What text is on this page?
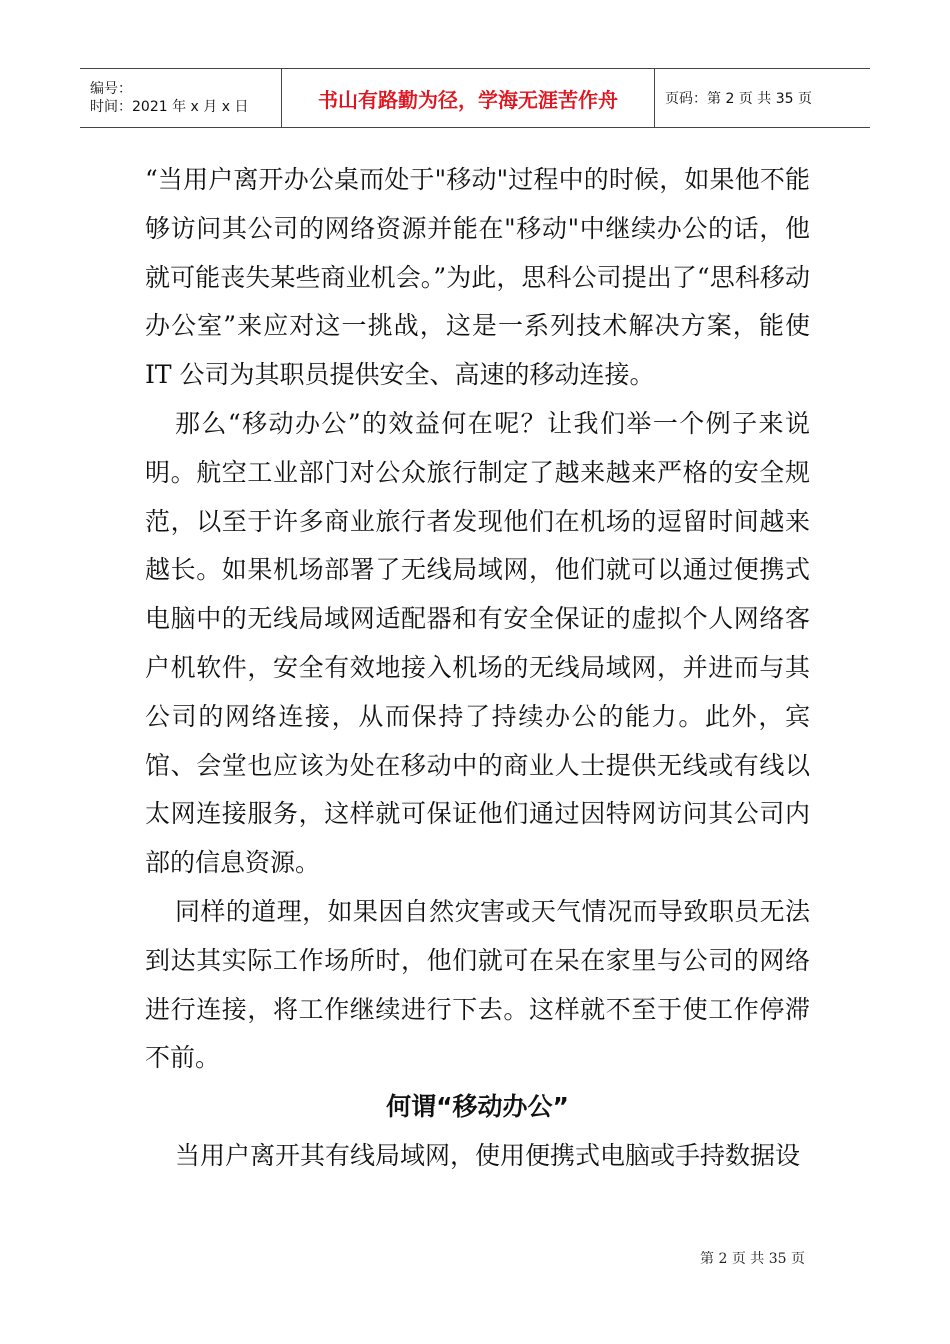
编号：
时间：2021 年 x 月 x 日	书山有路勤为径，学海无涯苦作舟	页码：第 2 页 共 35 页

“当用户离开办公桌而处于"移动"过程中的时候，如果他不能够访问其公司的网络资源并能在"移动"中继续办公的话，他就可能丧失某些商业机会。”为此，思科公司提出了“思科移动办公室”来应对这一挑战，这是一系列技术解决方案，能使 IT 公司为其职员提供安全、高速的移动连接。

那么“移动办公”的效益何在呢？让我们举一个例子来说明。航空工业部门对公众旅行制定了越来越来严格的安全规范，以至于许多商业旅行者发现他们在机场的逗留时间越来越长。如果机场部署了无线局域网，他们就可以通过便携式电脑中的无线局域网适配器和有安全保证的虚拟个人网络客户机软件，安全有效地接入机场的无线局域网，并进而与其公司的网络连接，从而保持了持续办公的能力。此外，宾馆、会堂也应该为处在移动中的商业人士提供无线或有线以太网连接服务，这样就可保证他们通过因特网访问其公司内部的信息资源。

同样的道理，如果因自然灾害或天气情况而导致职员无法到达其实际工作场所时，他们就可在呆在家里与公司的网络进行连接，将工作继续进行下去。这样就不至于使工作停滞不前。

何谓“移动办公”

当用户离开其有线局域网，使用便携式电脑或手持数据设

第 2 页 共 35 页
